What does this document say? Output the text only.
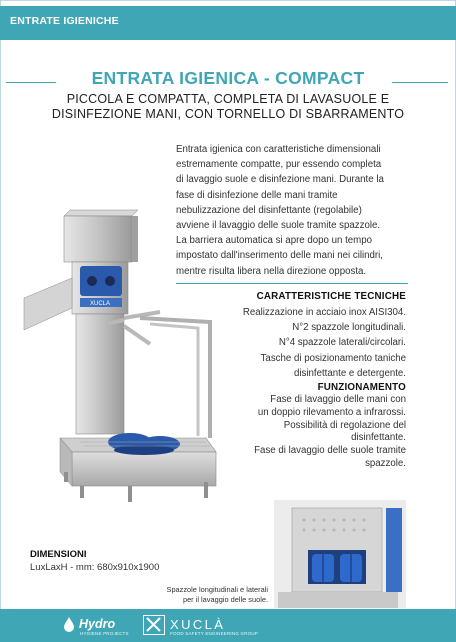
ENTRATE IGIENICHE
ENTRATA IGIENICA - COMPACT
PICCOLA E COMPATTA, COMPLETA DI LAVASUOLE E
DISINFEZIONE MANI, CON TORNELLO DI SBARRAMENTO
Entrata igienica con caratteristiche dimensionali
estremamente compatte, pur essendo completa
di lavaggio suole e disinfezione mani. Durante la
fase di disinfezione delle mani tramite
nebulizzazione del disinfettante (regolabile)
avviene il lavaggio delle suole tramite spazzole.
La barriera automatica si apre dopo un tempo
impostato dall'inserimento delle mani nei cilindri,
mentre risulta libera nella direzione opposta.
CARATTERISTICHE TECNICHE
Realizzazione in acciaio inox AISI304.
N°2 spazzole longitudinali.
N°4 spazzole laterali/circolari.
Tasche di posizionamento taniche
disinfettante e detergente.
FUNZIONAMENTO
Fase di lavaggio delle mani con
un doppio rilevamento a infrarossi.
Possibilità di regolazione del
disinfettante.
Fase di lavaggio delle suole tramite
spazzole.
XUCLA
DIMENSIONI
LuxLaxH - mm: 680x910x1900
Spazzole longitudinali e laterali
per il lavaggio delle suole.
Hydro
HYGIENE PROJECTS
XUCLÀ
FOOD SAFETY ENGINEERING GROUP
